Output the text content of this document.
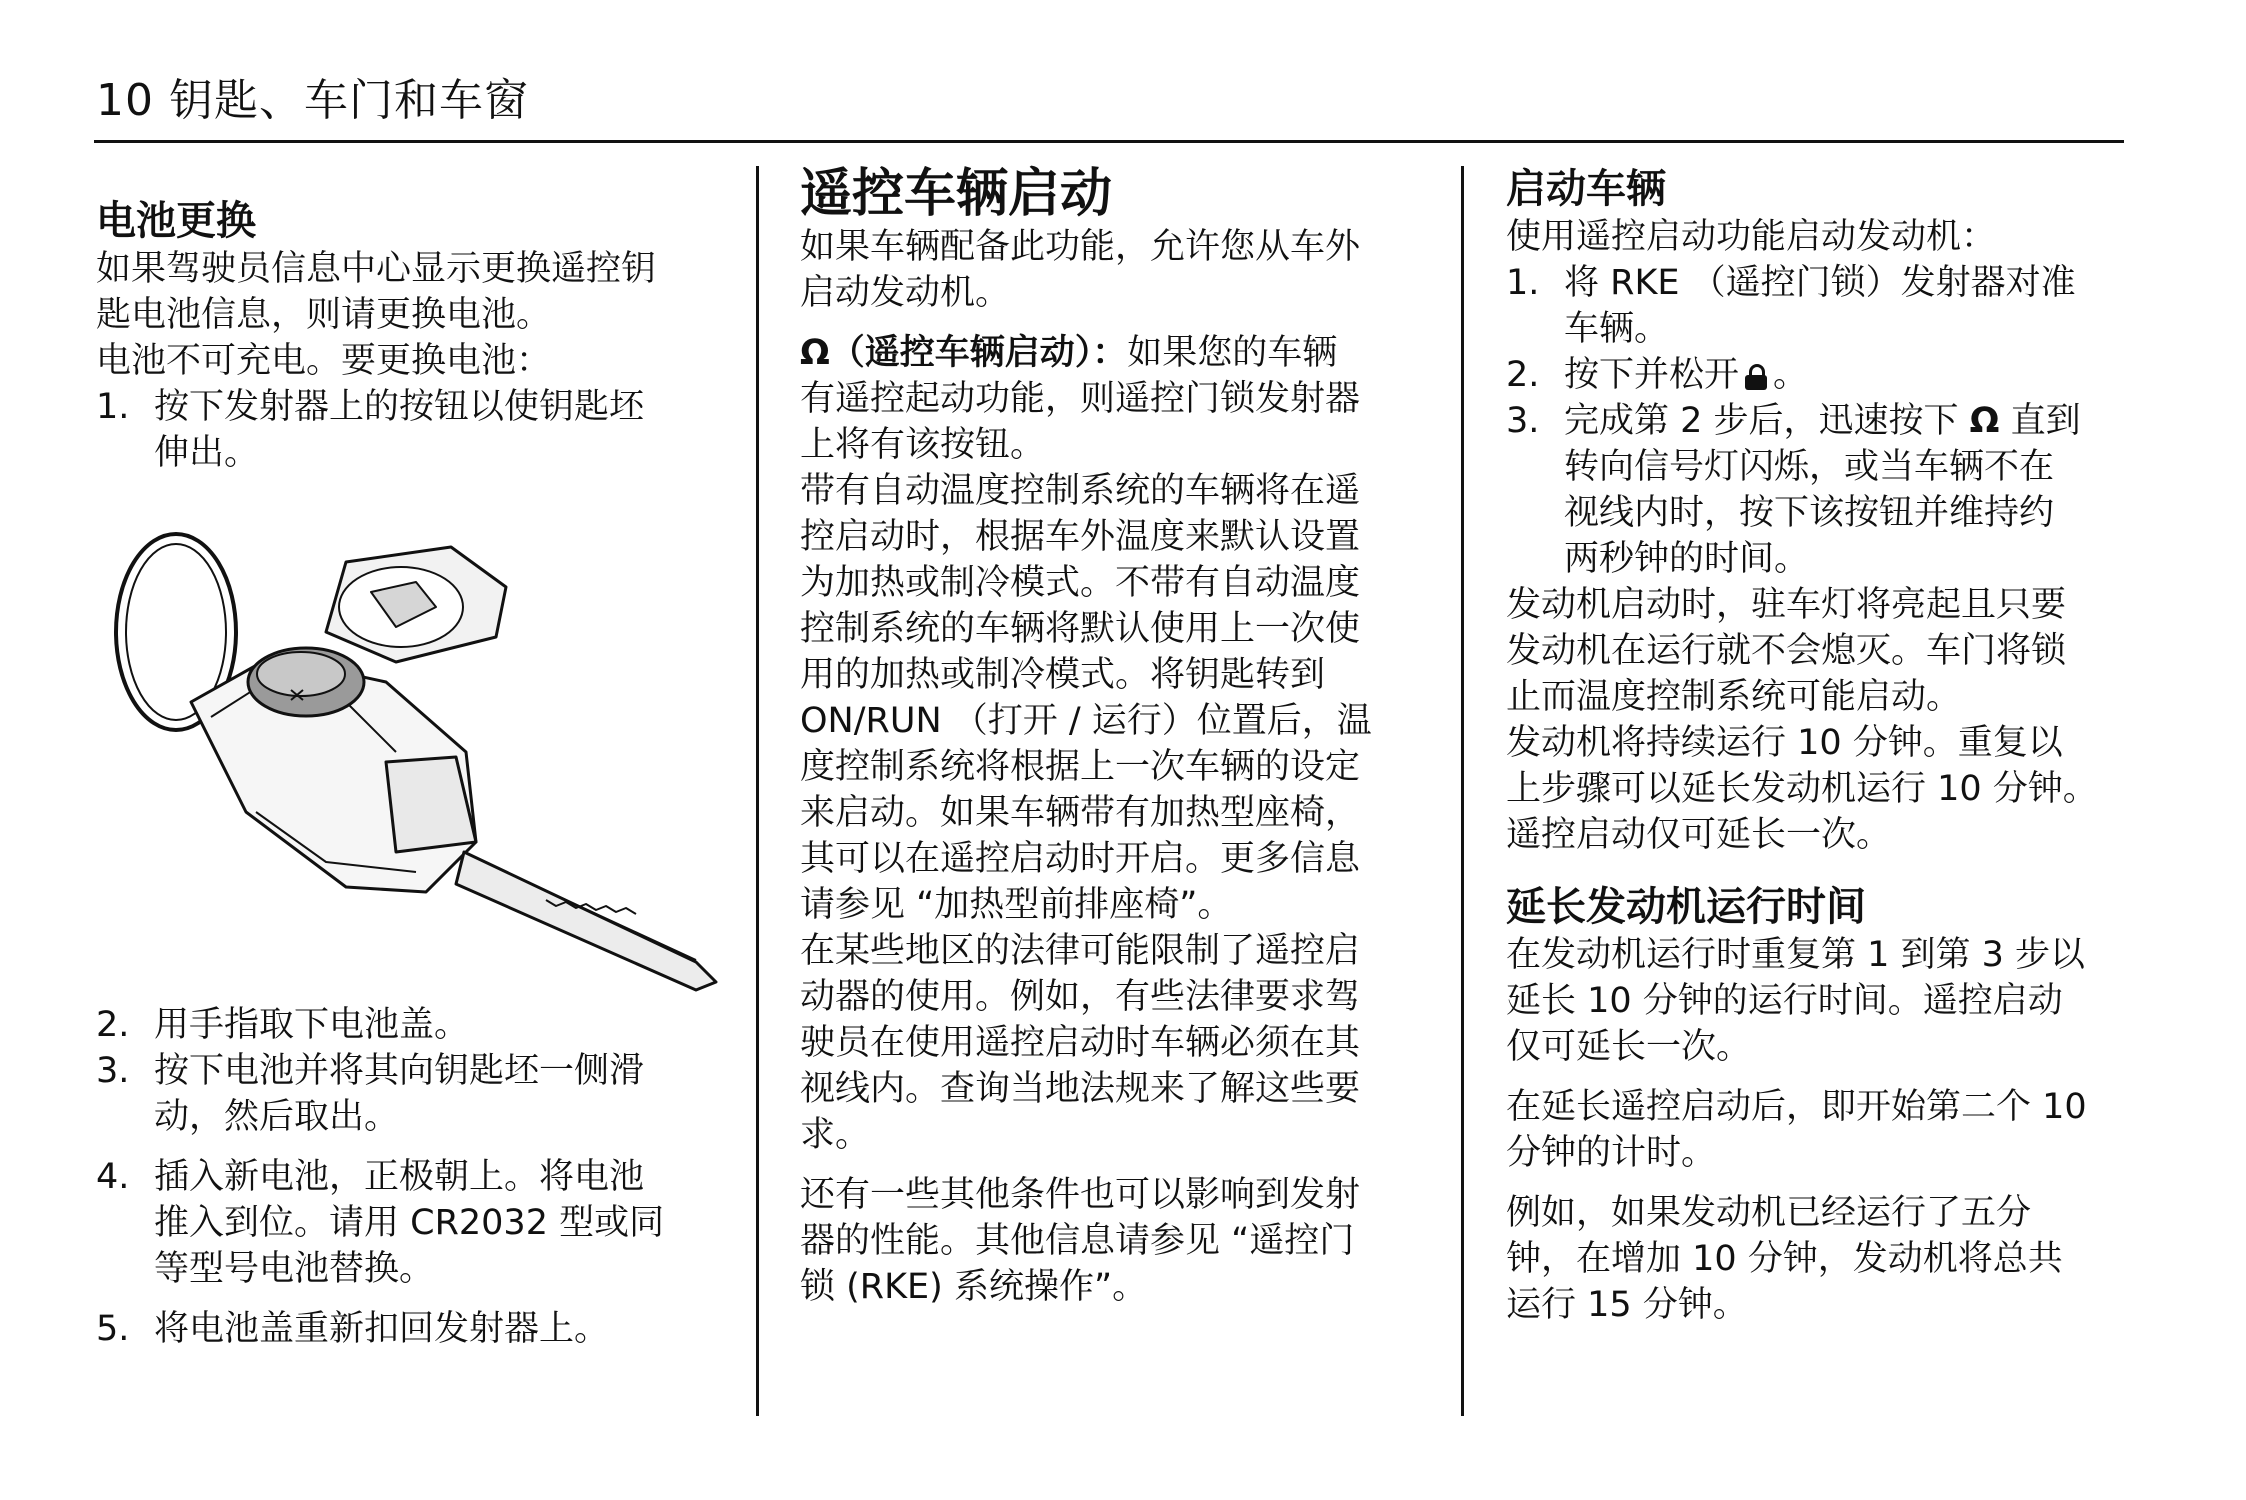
10 钥匙、车门和车窗

电池更换

如果驾驶员信息中心显示更换遥控钥

匙电池信息，则请更换电池。

电池不可充电。要更换电池：

1. 按下发射器上的按钮以使钥匙坯

伸出。

2. 用手指取下电池盖。

3. 按下电池并将其向钥匙坯一侧滑

动，然后取出。

4. 插入新电池，正极朝上。将电池

推入到位。请用 CR2032 型或同

等型号电池替换。

5. 将电池盖重新扣回发射器上。

遥控车辆启动

如果车辆配备此功能，允许您从车外

启动发动机。

Ω（遥控车辆启动）：如果您的车辆

有遥控起动功能，则遥控门锁发射器

上将有该按钮。

带有自动温度控制系统的车辆将在遥

控启动时，根据车外温度来默认设置

为加热或制冷模式。不带有自动温度

控制系统的车辆将默认使用上一次使

用的加热或制冷模式。将钥匙转到

ON/RUN （打开 / 运行）位置后，温

度控制系统将根据上一次车辆的设定

来启动。如果车辆带有加热型座椅，

其可以在遥控启动时开启。更多信息

请参见 “加热型前排座椅”。

在某些地区的法律可能限制了遥控启

动器的使用。例如，有些法律要求驾

驶员在使用遥控启动时车辆必须在其

视线内。查询当地法规来了解这些要

求。

还有一些其他条件也可以影响到发射

器的性能。其他信息请参见 “遥控门

锁 (RKE) 系统操作”。

启动车辆

使用遥控启动功能启动发动机：

1. 将 RKE （遥控门锁）发射器对准

车辆。

2. 按下并松开 。

3. 完成第 2 步后，迅速按下 Ω 直到

转向信号灯闪烁，或当车辆不在

视线内时，按下该按钮并维持约

两秒钟的时间。

发动机启动时，驻车灯将亮起且只要

发动机在运行就不会熄灭。车门将锁

止而温度控制系统可能启动。

发动机将持续运行 10 分钟。重复以

上步骤可以延长发动机运行 10 分钟。

遥控启动仅可延长一次。

延长发动机运行时间

在发动机运行时重复第 1 到第 3 步以

延长 10 分钟的运行时间。遥控启动

仅可延长一次。

在延长遥控启动后，即开始第二个 10

分钟的计时。

例如，如果发动机已经运行了五分

钟，在增加 10 分钟，发动机将总共

运行 15 分钟。
